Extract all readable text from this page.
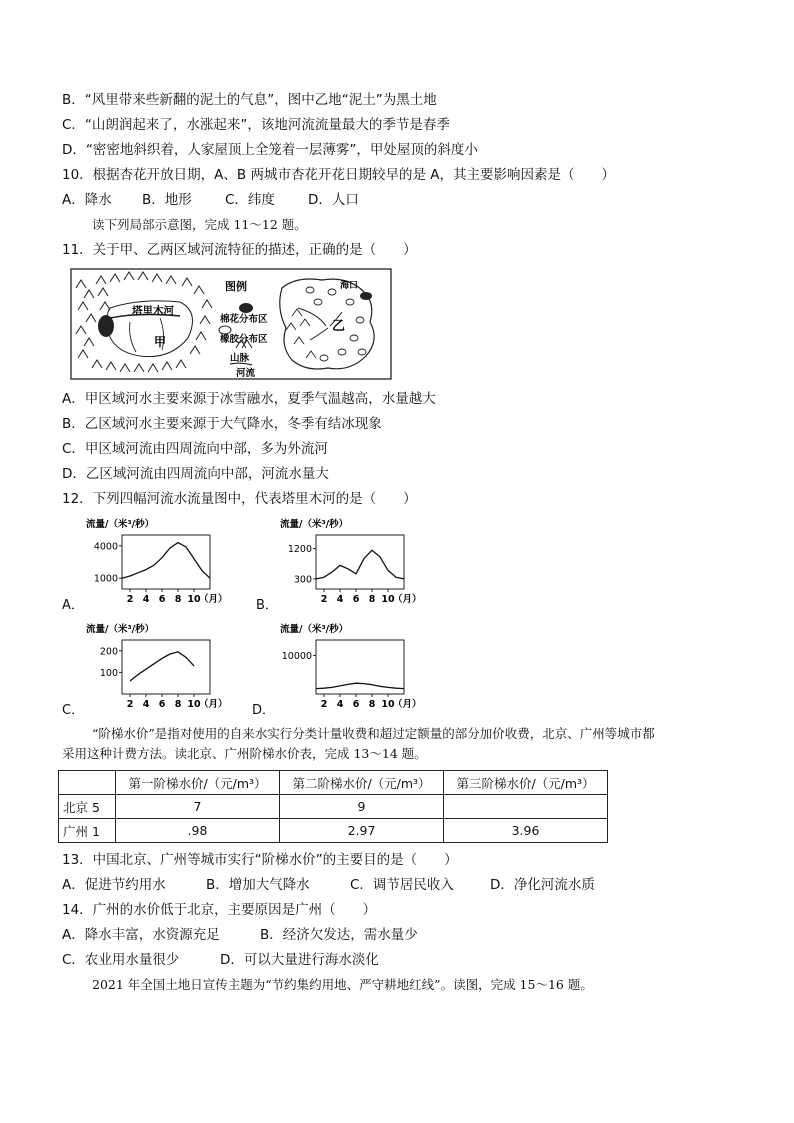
B．“风里带来些新翻的泥土的气息”，图中乙地“泥土”为黑土地
C．“山朗润起来了，水涨起来”，该地河流流量最大的季节是春季
D．“密密地斜织着，人家屋顶上全笼着一层薄雾”，甲处屋顶的斜度小
10．根据杏花开放日期，A、B 两城市杏花开花日期较早的是 A，其主要影响因素是（　　）
A．降水 B．地形 C．纬度 D．人口
读下列局部示意图，完成 11～12 题。
11．关于甲、乙两区域河流特征的描述，正确的是（　　）
塔里木河
甲
图例
棉花分布区
橡胶分布区
山脉
河流
海口
乙
A．甲区域河水主要来源于冰雪融水，夏季气温越高，水量越大
B．乙区域河水主要来源于大气降水，冬季有结冰现象
C．甲区域河流由四周流向中部，多为外流河
D．乙区域河流由四周流向中部，河流水量大
12．下列四幅河流水流量图中，代表塔里木河的是（　　）
A．	B．
C．	D．
流量/（米³/秒）
1000
4000
2 4 6 8 10
（月）
流量/（米³/秒）
300
1200
2 4 6 8 10
（月）
流量/（米³/秒）
100
200
2 4 6 8 10
（月）
流量/（米³/秒）
10000
2 4 6 8 10
（月）
“阶梯水价”是指对使用的自来水实行分类计量收费和超过定额量的部分加价收费，北京、广州等城市都
采用这种计费方法。读北京、广州阶梯水价表，完成 13～14 题。
	第一阶梯水价/（元/m³）	第二阶梯水价/（元/m³）	第三阶梯水价/（元/m³）
北京 5	7	9	
广州 1	.98	2.97	3.96
13．中国北京、广州等城市实行“阶梯水价”的主要目的是（　　）
A．促进节约用水	B．增加大气降水	C．调节居民收入	D．净化河流水质
14．广州的水价低于北京，主要原因是广州（　　）
A．降水丰富，水资源充足	B．经济欠发达，需水量少
C．农业用水量很少	D．可以大量进行海水淡化
2021 年全国土地日宣传主题为“节约集约用地、严守耕地红线”。读图，完成 15～16 题。
